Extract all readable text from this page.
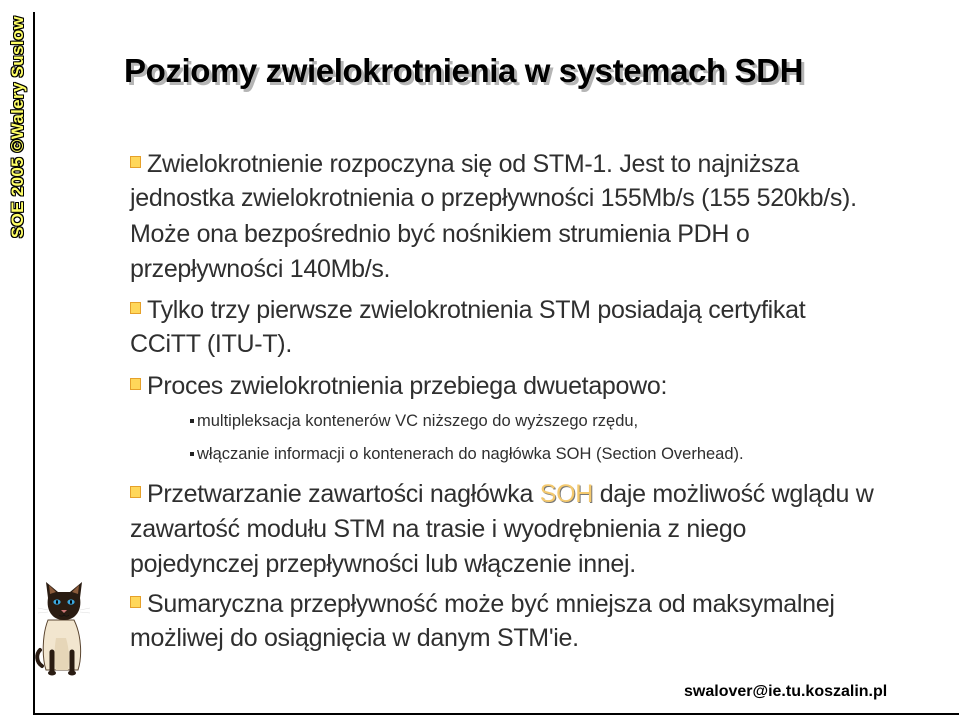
SOE 2005 ©Walery Suslow	Poziomy zwielokrotnienia w systemach SDH
Zwielokrotnienie rozpoczyna się od STM-1. Jest to najniższa
jednostka zwielokrotnienia o przepływności 155Mb/s (155 520kb/s).
Może ona bezpośrednio być nośnikiem strumienia PDH o
przepływności 140Mb/s.
Tylko trzy pierwsze zwielokrotnienia STM posiadają certyfikat
CCiTT (ITU-T).
Proces zwielokrotnienia przebiega dwuetapowo:
multipleksacja kontenerów VC niższego do wyższego rzędu,
włączanie informacji o kontenerach do nagłówka SOH (Section Overhead).
Przetwarzanie zawartości nagłówka SOH daje możliwość wglądu w
zawartość modułu STM na trasie i wyodrębnienia z niego
pojedynczej przepływności lub włączenie innej.
Sumaryczna przepływność może być mniejsza od maksymalnej
możliwej do osiągnięcia w danym STM'ie.
swalover@ie.tu.koszalin.pl
